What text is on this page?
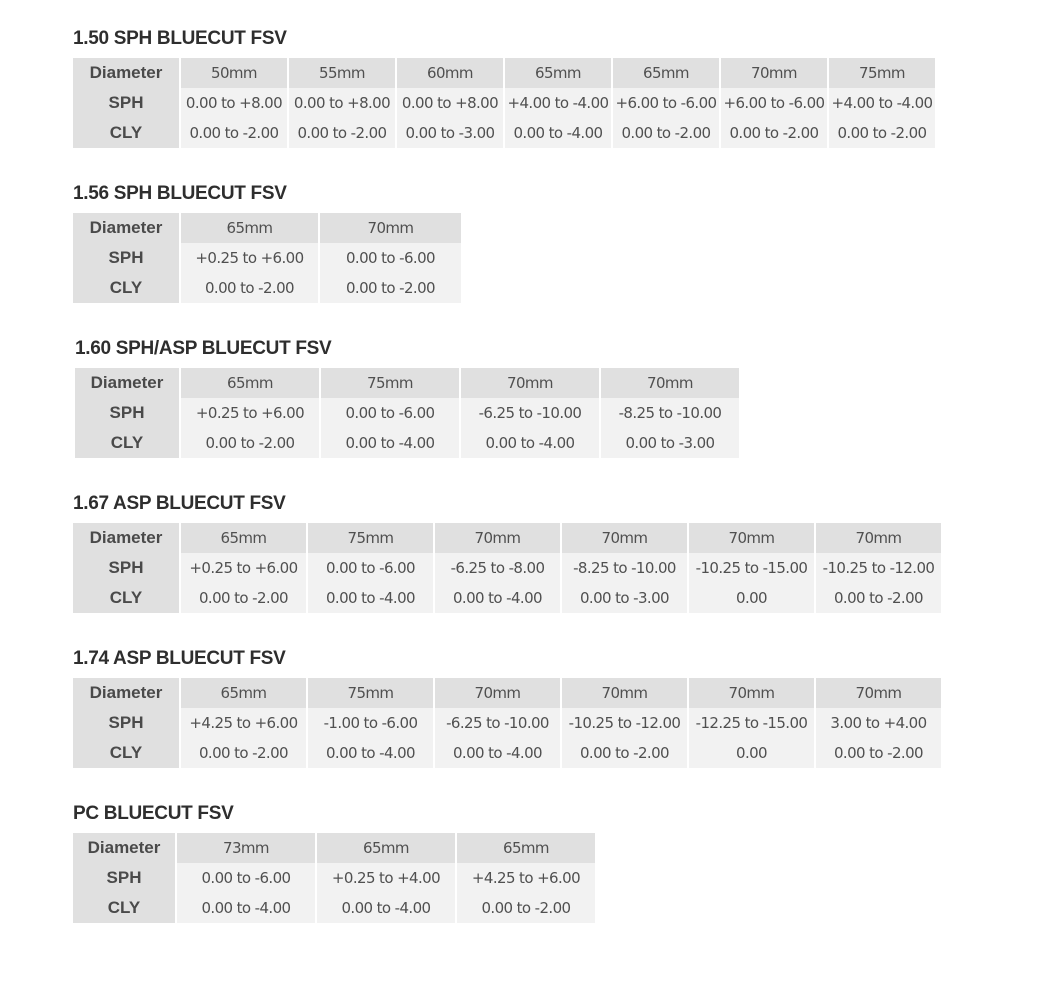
1.50 SPH BLUECUT FSV
Diameter	50mm	55mm	60mm	65mm	65mm	70mm	75mm
SPH	0.00 to +8.00	0.00 to +8.00	0.00 to +8.00	+4.00 to -4.00	+6.00 to -6.00	+6.00 to -6.00	+4.00 to -4.00
CLY	0.00 to -2.00	0.00 to -2.00	0.00 to -3.00	0.00 to -4.00	0.00 to -2.00	0.00 to -2.00	0.00 to -2.00
1.56 SPH BLUECUT FSV
Diameter	65mm	70mm
SPH	+0.25 to +6.00	0.00 to -6.00
CLY	0.00 to -2.00	0.00 to -2.00
1.60 SPH/ASP BLUECUT FSV
Diameter	65mm	75mm	70mm	70mm
SPH	+0.25 to +6.00	0.00 to -6.00	-6.25 to -10.00	-8.25 to -10.00
CLY	0.00 to -2.00	0.00 to -4.00	0.00 to -4.00	0.00 to -3.00
1.67 ASP BLUECUT FSV
Diameter	65mm	75mm	70mm	70mm	70mm	70mm
SPH	+0.25 to +6.00	0.00 to -6.00	-6.25 to -8.00	-8.25 to -10.00	-10.25 to -15.00	-10.25 to -12.00
CLY	0.00 to -2.00	0.00 to -4.00	0.00 to -4.00	0.00 to -3.00	0.00	0.00 to -2.00
1.74 ASP BLUECUT FSV
Diameter	65mm	75mm	70mm	70mm	70mm	70mm
SPH	+4.25 to +6.00	-1.00 to -6.00	-6.25 to -10.00	-10.25 to -12.00	-12.25 to -15.00	3.00 to +4.00
CLY	0.00 to -2.00	0.00 to -4.00	0.00 to -4.00	0.00 to -2.00	0.00	0.00 to -2.00
PC BLUECUT FSV
Diameter	73mm	65mm	65mm
SPH	0.00 to -6.00	+0.25 to +4.00	+4.25 to +6.00
CLY	0.00 to -4.00	0.00 to -4.00	0.00 to -2.00
